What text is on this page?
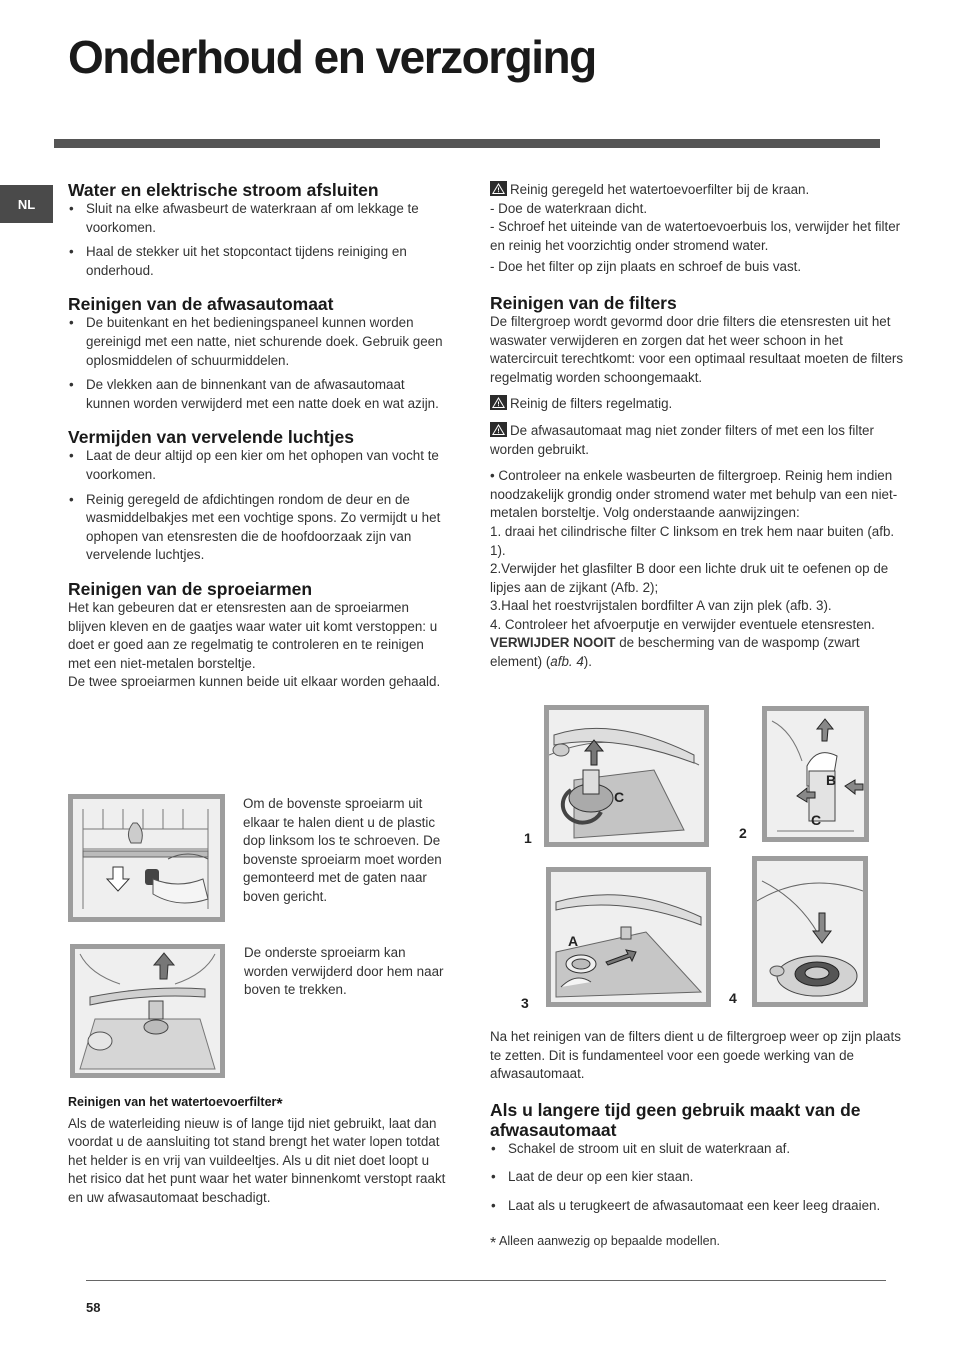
Onderhoud en verzorging
NL
Water en elektrische stroom afsluiten
• Sluit na elke afwasbeurt de waterkraan af om lekkage te voorkomen.
• Haal de stekker uit het stopcontact tijdens reiniging en onderhoud.
Reinigen van de afwasautomaat
• De buitenkant en het bedieningspaneel kunnen worden gereinigd met een natte, niet schurende doek. Gebruik geen oplosmiddelen of schuurmiddelen.
• De vlekken aan de binnenkant van de afwasautomaat kunnen worden verwijderd met een natte doek en wat azijn.
Vermijden van vervelende luchtjes
• Laat de deur altijd op een kier om het ophopen van vocht te voorkomen.
• Reinig geregeld de afdichtingen rondom de deur en de wasmiddelbakjes met een vochtige spons. Zo vermijdt u het ophopen van etensresten die de hoofdoorzaak zijn van vervelende luchtjes.
Reinigen van de sproeiarmen

Het kan gebeuren dat er etensresten aan de sproeiarmen blijven kleven en de gaatjes waar water uit komt verstoppen: u doet er goed aan ze regelmatig te controleren en te reinigen met een niet-metalen borsteltje.

De twee sproeiarmen kunnen beide uit elkaar worden gehaald.

Om de bovenste sproeiarm uit elkaar te halen dient u de plastic dop linksom los te schroeven. De bovenste sproeiarm moet worden gemonteerd met de gaten naar boven gericht.
De onderste sproeiarm kan worden verwijderd door hem naar boven te trekken.
Reinigen van het watertoevoerfilter*

Als de waterleiding nieuw is of lange tijd niet gebruikt, laat dan voordat u de aansluiting tot stand brengt het water lopen totdat het helder is en vrij van vuildeeltjes. Als u dit niet doet loopt u het risico dat het punt waar het water binnenkomt verstopt raakt en uw afwasautomaat beschadigt.

Reinig geregeld het watertoevoerfilter bij de kraan.

- Doe de waterkraan dicht.

- Schroef het uiteinde van de watertoevoerbuis los, verwijder het filter en reinig het voorzichtig onder stromend water.

- Doe het filter op zijn plaats en schroef de buis vast.

Reinigen van de filters

De filtergroep wordt gevormd door drie filters die etensresten uit het waswater verwijderen en zorgen dat het weer schoon in het watercircuit terechtkomt: voor een optimaal resultaat moeten de filters regelmatig worden schoongemaakt.

Reinig de filters regelmatig.

De afwasautomaat mag niet zonder filters of met een los filter worden gebruikt.

• Controleer na enkele wasbeurten de filtergroep. Reinig hem indien noodzakelijk grondig onder stromend water met behulp van een niet-metalen borsteltje. Volg onderstaande aanwijzingen:

1. draai het cilindrische filter C linksom en trek hem naar buiten (afb. 1).

2.Verwijder het glasfilter B door een lichte druk uit te oefenen op de lipjes aan de zijkant (Afb. 2);

3.Haal het roestvrijstalen bordfilter A van zijn plek (afb. 3).

4. Controleer het afvoerputje en verwijder eventuele etensresten. VERWIJDER NOOIT de bescherming van de waspomp (zwart element) (afb. 4).

1	2
3	4
C
B
C
A

Na het reinigen van de filters dient u de filtergroep weer op zijn plaats te zetten. Dit is fundamenteel voor een goede werking van de afwasautomaat.

Als u langere tijd geen gebruik maakt van de afwasautomaat
• Schakel de stroom uit en sluit de waterkraan af.
• Laat de deur op een kier staan.
• Laat als u terugkeert de afwasautomaat een keer leeg draaien.

* Alleen aanwezig op bepaalde modellen.

58
